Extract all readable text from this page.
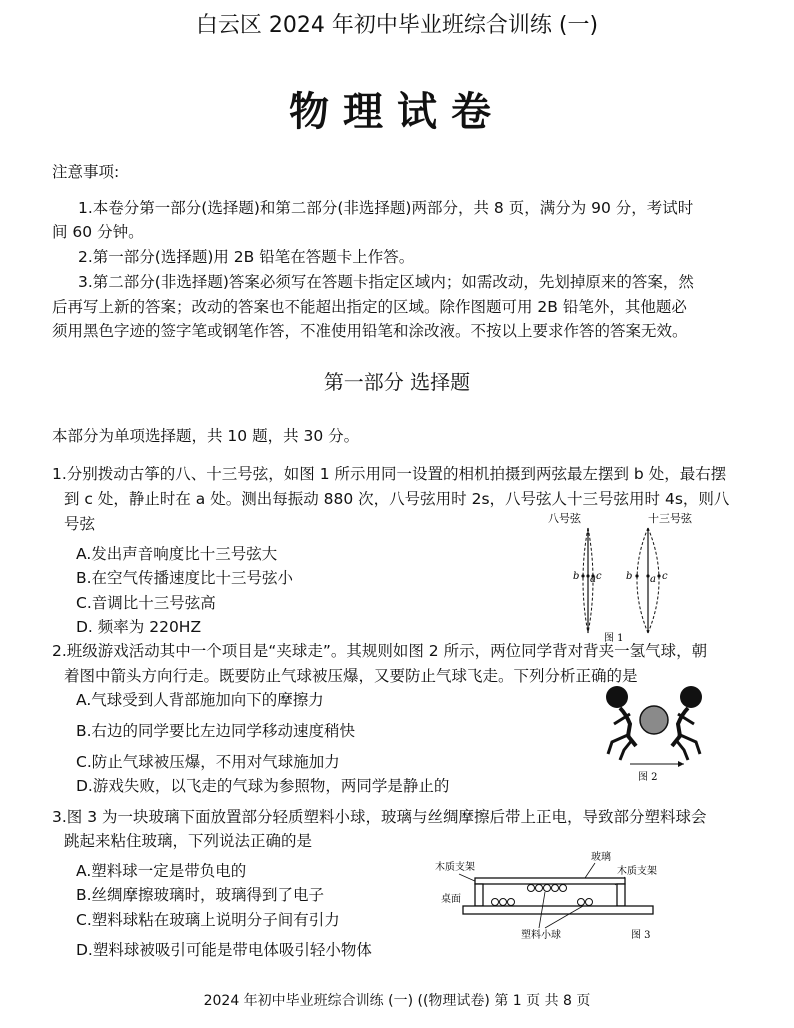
白云区 2024 年初中毕业班综合训练 (一)
物理试卷
注意事项:
1.本卷分第一部分(选择题)和第二部分(非选择题)两部分，共 8 页，满分为 90 分，考试时
间 60 分钟。
2.第一部分(选择题)用 2B 铅笔在答题卡上作答。
3.第二部分(非选择题)答案必须写在答题卡指定区域内；如需改动，先划掉原来的答案，然
后再写上新的答案；改动的答案也不能超出指定的区域。除作图题可用 2B 铅笔外，其他题必
须用黑色字迹的签字笔或钢笔作答，不准使用铅笔和涂改液。不按以上要求作答的答案无效。
第一部分 选择题
本部分为单项选择题，共 10 题，共 30 分。
1.分别拨动古筝的八、十三号弦，如图 1 所示用同一设置的相机拍摄到两弦最左摆到 b 处，最右摆
到 c 处，静止时在 a 处。测出每振动 880 次，八号弦用时 2s，八号弦人十三号弦用时 4s，则八
号弦
A.发出声音响度比十三号弦大
B.在空气传播速度比十三号弦小
C.音调比十三号弦高
D. 频率为 220HZ
八号弦	十三号弦
b a c b a c
图 1
2.班级游戏活动其中一个项目是“夹球走”。其规则如图 2 所示，两位同学背对背夹一氢气球，朝
着图中箭头方向行走。既要防止气球被压爆，又要防止气球飞走。下列分析正确的是
A.气球受到人背部施加向下的摩擦力
B.右边的同学要比左边同学移动速度稍快
C.防止气球被压爆，不用对气球施加力
D.游戏失败，以飞走的气球为参照物，两同学是静止的	图 2
3.图 3 为一块玻璃下面放置部分轻质塑料小球，玻璃与丝绸摩擦后带上正电，导致部分塑料球会
跳起来粘住玻璃，下列说法正确的是
A.塑料球一定是带负电的
B.丝绸摩擦玻璃时，玻璃得到了电子
C.塑料球粘在玻璃上说明分子间有引力
D.塑料球被吸引可能是带电体吸引轻小物体
木质支架
玻璃
木质支架
桌面
塑料小球	图 3
2024 年初中毕业班综合训练 (一) ((物理试卷) 第 1 页 共 8 页
